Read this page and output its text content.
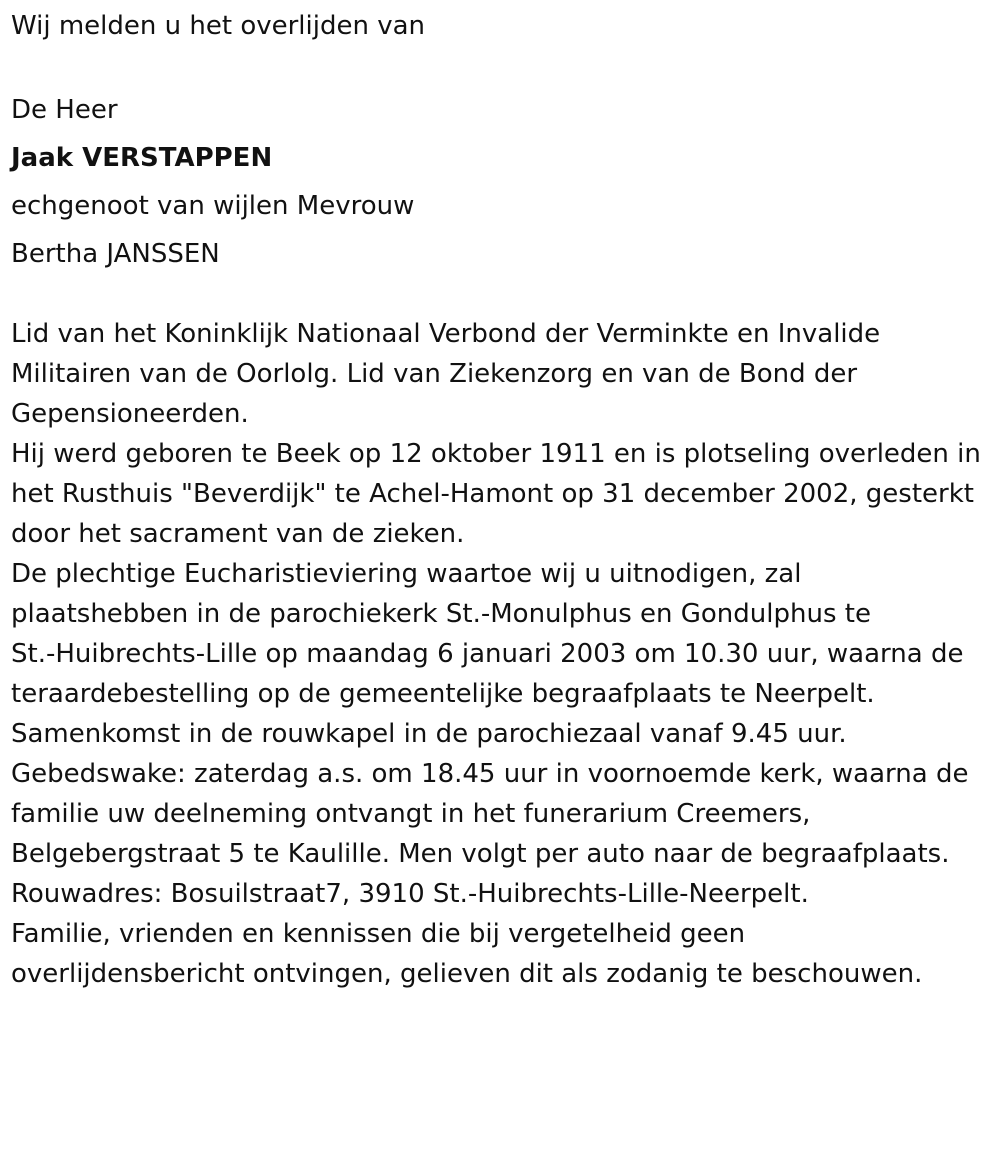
Wij melden u het overlijden van
De Heer
Jaak VERSTAPPEN
echgenoot van wijlen Mevrouw
Bertha JANSSEN

Lid van het Koninklijk Nationaal Verbond der Verminkte en Invalide
Militairen van de Oorlolg. Lid van Ziekenzorg en van de Bond der
Gepensioneerden.

Hij werd geboren te Beek op 12 oktober 1911 en is plotseling overleden in
het Rusthuis "Beverdijk" te Achel-Hamont op 31 december 2002, gesterkt
door het sacrament van de zieken.

De plechtige Eucharistieviering waartoe wij u uitnodigen, zal
plaatshebben in de parochiekerk St.-Monulphus en Gondulphus te
St.-Huibrechts-Lille op maandag 6 januari 2003 om 10.30 uur, waarna de
teraardebestelling op de gemeentelijke begraafplaats te Neerpelt.
Samenkomst in de rouwkapel in de parochiezaal vanaf 9.45 uur.
Gebedswake: zaterdag a.s. om 18.45 uur in voornoemde kerk, waarna de
familie uw deelneming ontvangt in het funerarium Creemers,
Belgebergstraat 5 te Kaulille. Men volgt per auto naar de begraafplaats.

Rouwadres: Bosuilstraat7, 3910 St.-Huibrechts-Lille-Neerpelt.

Familie, vrienden en kennissen die bij vergetelheid geen
overlijdensbericht ontvingen, gelieven dit als zodanig te beschouwen.
